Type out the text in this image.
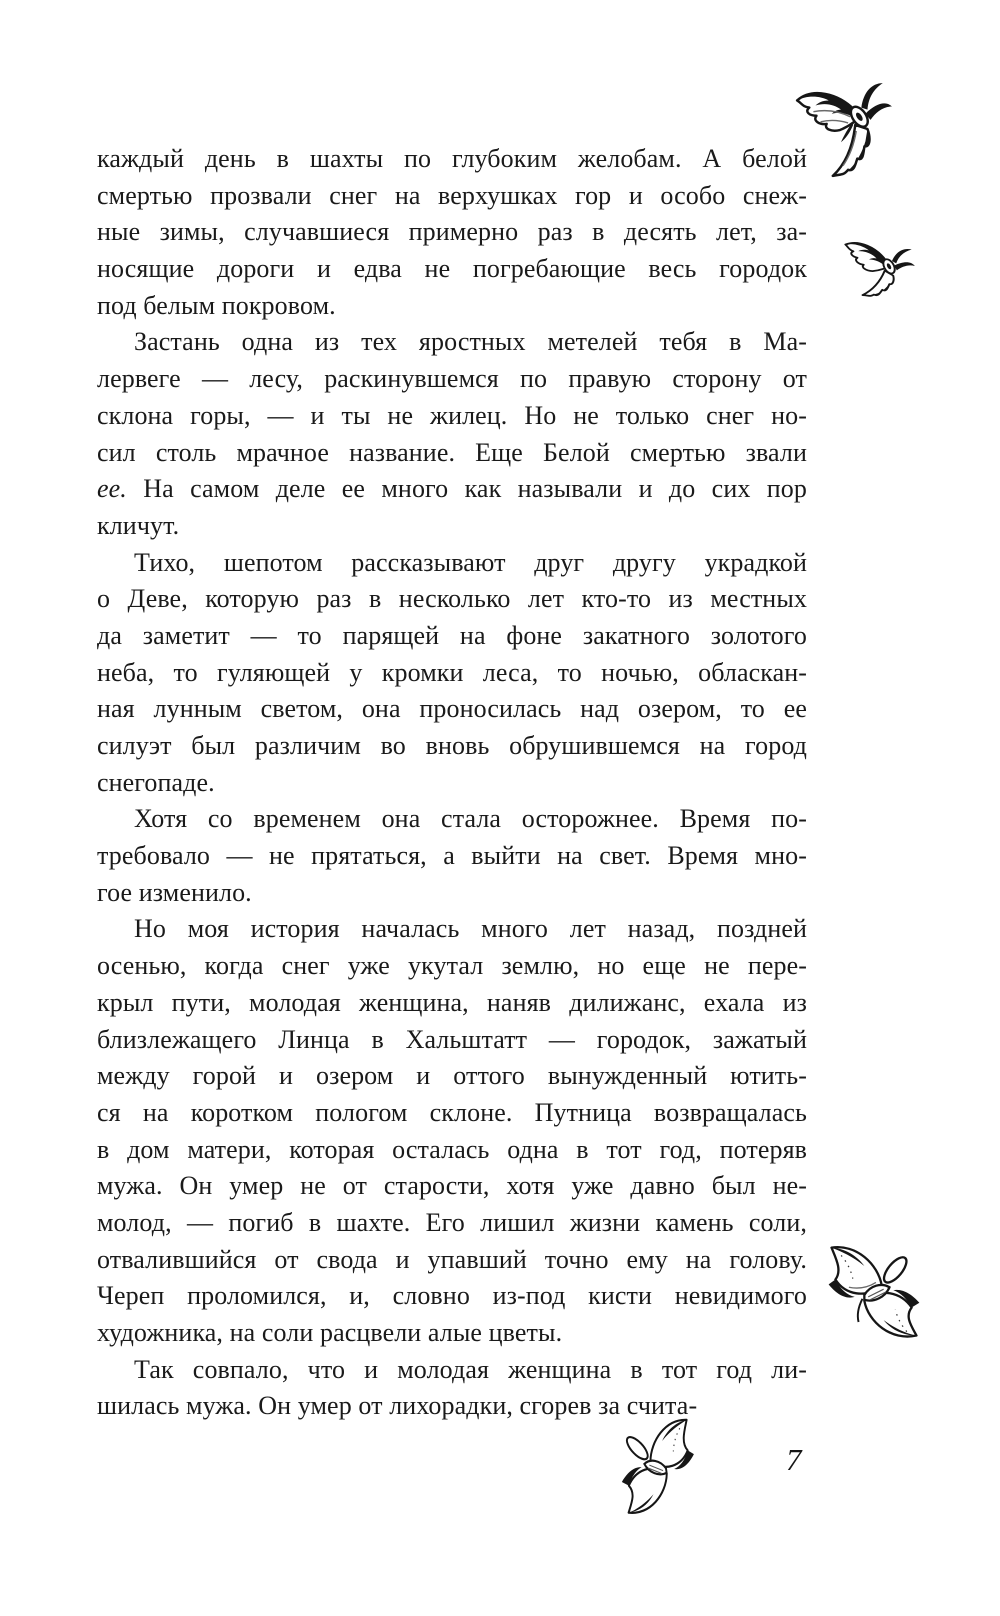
каждый день в шахты по глубоким желобам. А белой
смертью прозвали снег на верхушках гор и особо снеж-
ные зимы, случавшиеся примерно раз в десять лет, за-
носящие дороги и едва не погребающие весь городок
под белым покровом.
Застань одна из тех яростных метелей тебя в Ма-
лервеге — лесу, раскинувшемся по правую сторону от
склона горы, — и ты не жилец. Но не только снег но-
сил столь мрачное название. Еще Белой смертью звали
ее. На самом деле ее много как называли и до сих пор
кличут.
Тихо, шепотом рассказывают друг другу украдкой
о Деве, которую раз в несколько лет кто-то из местных
да заметит — то парящей на фоне закатного золотого
неба, то гуляющей у кромки леса, то ночью, обласкан-
ная лунным светом, она проносилась над озером, то ее
силуэт был различим во вновь обрушившемся на город
снегопаде.
Хотя со временем она стала осторожнее. Время по-
требовало — не прятаться, а выйти на свет. Время мно-
гое изменило.
Но моя история началась много лет назад, поздней
осенью, когда снег уже укутал землю, но еще не пере-
крыл пути, молодая женщина, наняв дилижанс, ехала из
близлежащего Линца в Хальштатт — городок, зажатый
между горой и озером и оттого вынужденный ютить-
ся на коротком пологом склоне. Путница возвращалась
в дом матери, которая осталась одна в тот год, потеряв
мужа. Он умер не от старости, хотя уже давно был не-
молод, — погиб в шахте. Его лишил жизни камень соли,
отвалившийся от свода и упавший точно ему на голову.
Череп проломился, и, словно из-под кисти невидимого
художника, на соли расцвели алые цветы.
Так совпало, что и молодая женщина в тот год ли-
шилась мужа. Он умер от лихорадки, сгорев за счита-
7
